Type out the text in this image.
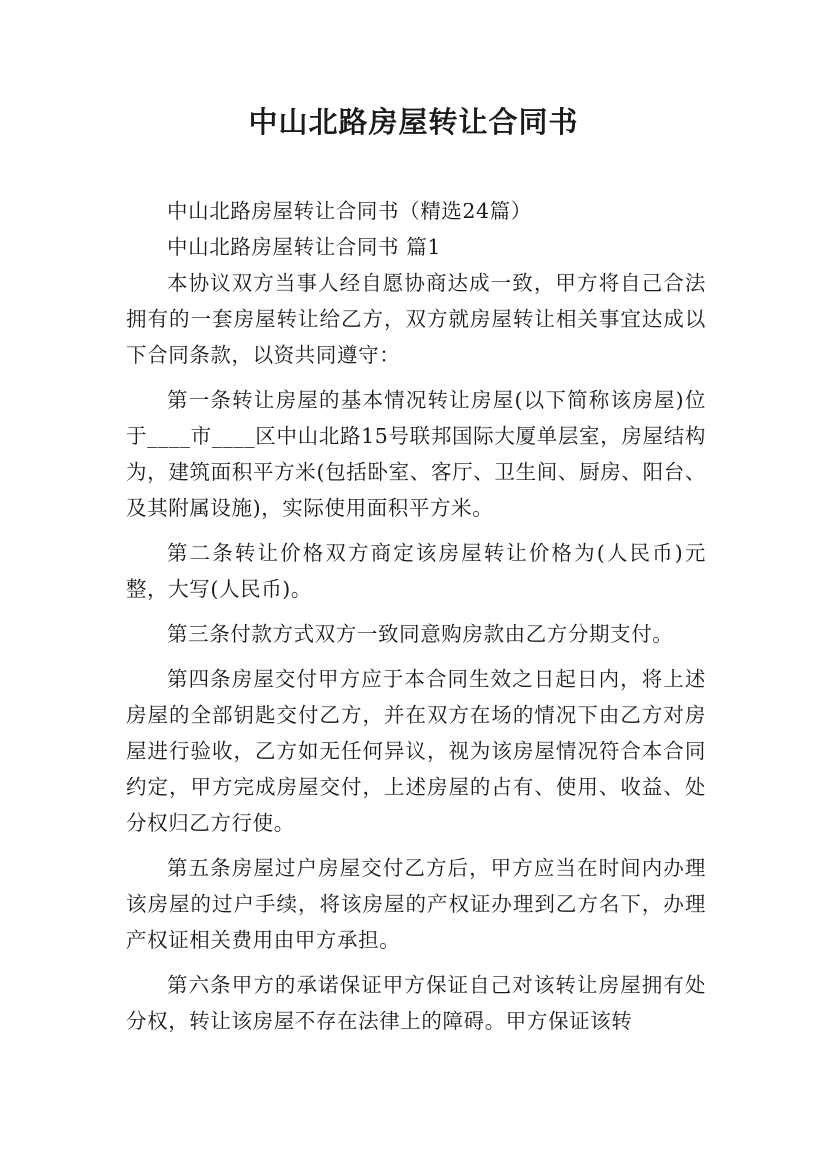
中山北路房屋转让合同书

中山北路房屋转让合同书（精选24篇）

中山北路房屋转让合同书 篇1

本协议双方当事人经自愿协商达成一致，甲方将自己合法拥有的一套房屋转让给乙方，双方就房屋转让相关事宜达成以下合同条款，以资共同遵守：

第一条转让房屋的基本情况转让房屋(以下简称该房屋)位于____市____区中山北路15号联邦国际大厦单层室，房屋结构为，建筑面积平方米(包括卧室、客厅、卫生间、厨房、阳台、及其附属设施)，实际使用面积平方米。

第二条转让价格双方商定该房屋转让价格为(人民币)元整，大写(人民币)。

第三条付款方式双方一致同意购房款由乙方分期支付。

第四条房屋交付甲方应于本合同生效之日起日内，将上述房屋的全部钥匙交付乙方，并在双方在场的情况下由乙方对房屋进行验收，乙方如无任何异议，视为该房屋情况符合本合同约定，甲方完成房屋交付，上述房屋的占有、使用、收益、处分权归乙方行使。

第五条房屋过户房屋交付乙方后，甲方应当在时间内办理该房屋的过户手续，将该房屋的产权证办理到乙方名下，办理产权证相关费用由甲方承担。

第六条甲方的承诺保证甲方保证自己对该转让房屋拥有处分权，转让该房屋不存在法律上的障碍。甲方保证该转
